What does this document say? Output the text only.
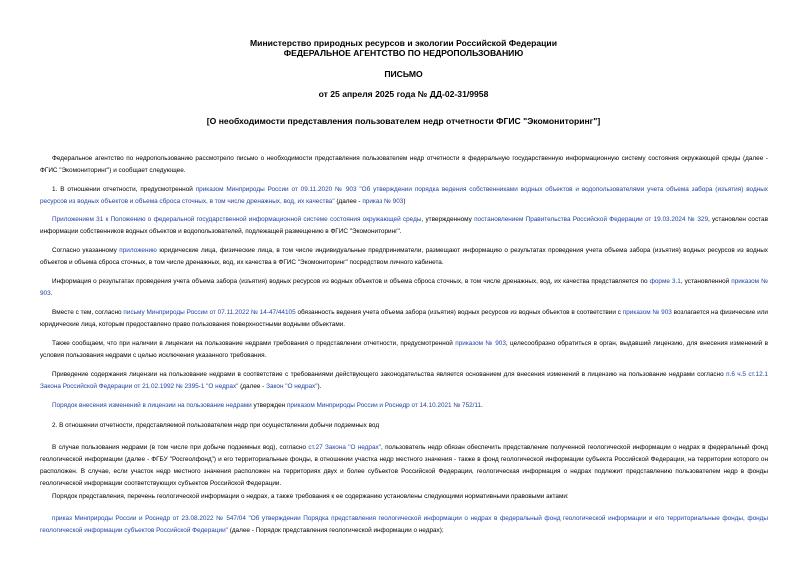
Министерство природных ресурсов и экологии Российской Федерации
ФЕДЕРАЛЬНОЕ АГЕНТСТВО ПО НЕДРОПОЛЬЗОВАНИЮ
ПИСЬМО
от 25 апреля 2025 года № ДД-02-31/9958
[О необходимости представления пользователем недр отчетности ФГИС "Экомониторинг"]
Федеральное агентство по недропользованию рассмотрело письмо о необходимости представления пользователем недр отчетности в федеральную государственную информационную систему состояния окружающей среды (далее - ФГИС "Экомониторинг") и сообщает следующее.
1. В отношении отчетности, предусмотренной приказом Минприроды России от 09.11.2020 № 903 "Об утверждении порядка ведения собственниками водных объектов и водопользователями учета объема забора (изъятия) водных ресурсов из водных объектов и объема сброса сточных, в том числе дренажных, вод, их качества" (далее - приказ № 903)
Приложением 31 к Положению о федеральной государственной информационной системе состояния окружающей среды, утвержденному постановлением Правительства Российской Федерации от 19.03.2024 № 329, установлен состав информации собственников водных объектов и водопользователей, подлежащей размещению в ФГИС "Экомониторинг".
Согласно указанному приложению юридические лица, физические лица, в том числе индивидуальные предприниматели, размещают информацию о результатах проведения учета объема забора (изъятия) водных ресурсов из водных объектов и объема сброса сточных, в том числе дренажных, вод, их качества в ФГИС "Экомониторинг" посредством личного кабинета.
Информация о результатах проведения учета объема забора (изъятия) водных ресурсов из водных объектов и объема сброса сточных, в том числе дренажных, вод, их качества представляется по форме 3.1, установленной приказом № 903.
Вместе с тем, согласно письму Минприроды России от 07.11.2022 № 14-47/44105 обязанность ведения учета объема забора (изъятия) водных ресурсов из водных объектов в соответствии с приказом № 903 возлагается на физические или юридические лица, которым предоставлено право пользования поверхностными водными объектами.
Также сообщаем, что при наличии в лицензии на пользование недрами требования о представлении отчетности, предусмотренной приказом № 903, целесообразно обратиться в орган, выдавший лицензию, для внесения изменений в условия пользования недрами с целью исключения указанного требования.
Приведение содержания лицензии на пользование недрами в соответствие с требованиями действующего законодательства является основанием для внесения изменений в лицензию на пользование недрами согласно п.6 ч.5 ст.12.1 Закона Российской Федерации от 21.02.1992 № 2395-1 "О недрах" (далее - Закон "О недрах").
Порядок внесения изменений в лицензии на пользование недрами утвержден приказом Минприроды России и Роснедр от 14.10.2021 № 752/11.
2. В отношении отчетности, представляемой пользователем недр при осуществлении добычи подземных вод
В случае пользования недрами (в том числе при добыче подземных вод), согласно ст.27 Закона "О недрах", пользователь недр обязан обеспечить представление полученной геологической информации о недрах в федеральный фонд геологической информации (далее - ФГБУ "Росгеолфонд") и его территориальные фонды, в отношении участка недр местного значения - также в фонд геологической информации субъекта Российской Федерации, на территории которого он расположен. В случае, если участок недр местного значения расположен на территориях двух и более субъектов Российской Федерации, геологическая информация о недрах подлежит представлению пользователем недр в фонды геологической информации соответствующих субъектов Российской Федерации.
Порядок представления, перечень геологической информации о недрах, а также требования к ее содержанию установлены следующими нормативными правовыми актами:
приказ Минприроды России и Роснедр от 23.08.2022 № 547/04 "Об утверждении Порядка представления геологической информации о недрах в федеральный фонд геологической информации и его территориальные фонды, фонды геологической информации субъектов Российской Федерации" (далее - Порядок представления геологической информации о недрах);
